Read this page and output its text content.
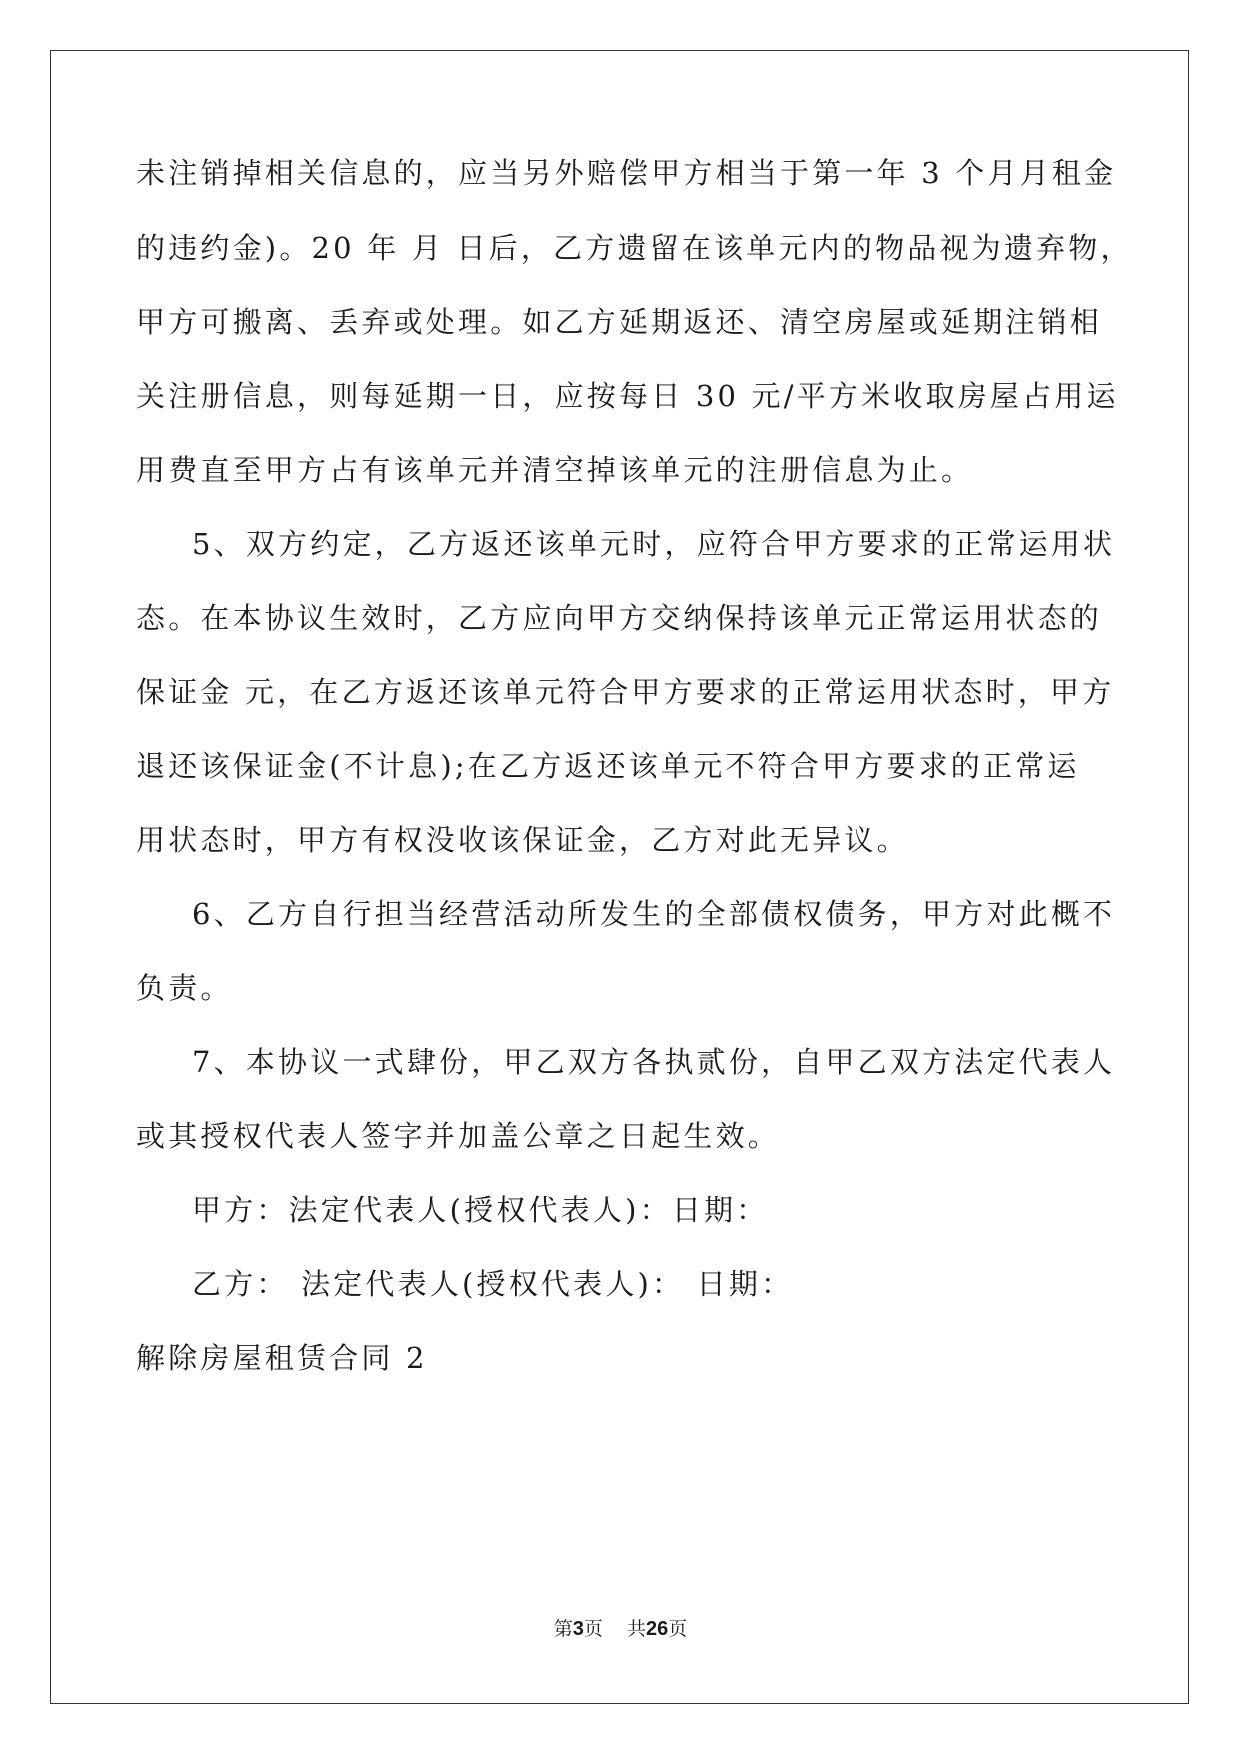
未注销掉相关信息的，应当另外赔偿甲方相当于第一年 3 个月月租金
的违约金)。20 年 月 日后，乙方遗留在该单元内的物品视为遗弃物，
甲方可搬离、丢弃或处理。如乙方延期返还、清空房屋或延期注销相
关注册信息，则每延期一日，应按每日 30 元/平方米收取房屋占用运
用费直至甲方占有该单元并清空掉该单元的注册信息为止。
5、双方约定，乙方返还该单元时，应符合甲方要求的正常运用状
态。在本协议生效时，乙方应向甲方交纳保持该单元正常运用状态的
保证金 元，在乙方返还该单元符合甲方要求的正常运用状态时，甲方
退还该保证金(不计息);在乙方返还该单元不符合甲方要求的正常运
用状态时，甲方有权没收该保证金，乙方对此无异议。
6、乙方自行担当经营活动所发生的全部债权债务，甲方对此概不
负责。
7、本协议一式肆份，甲乙双方各执贰份，自甲乙双方法定代表人
或其授权代表人签字并加盖公章之日起生效。
甲方：法定代表人(授权代表人)：日期：
乙方： 法定代表人(授权代表人)： 日期：
解除房屋租赁合同 2
第3页 共26页
